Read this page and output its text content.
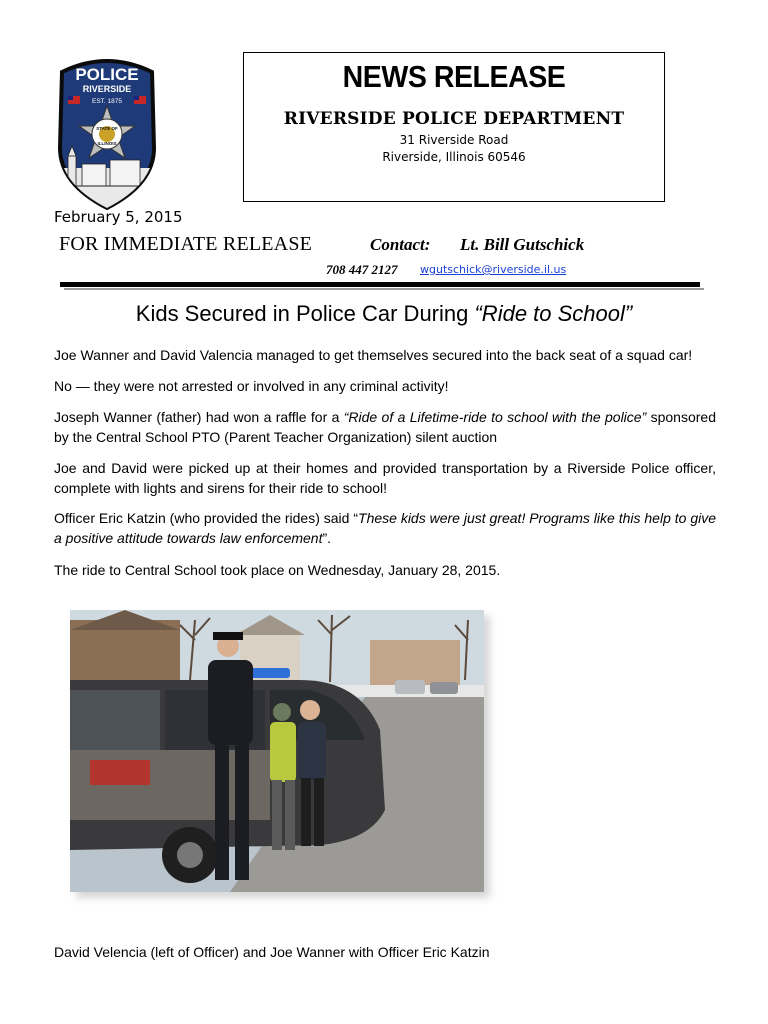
POLICE
RIVERSIDE
EST. 1875
STATE OF
ILLINOIS
NEWS RELEASE
RIVERSIDE POLICE DEPARTMENT
31 Riverside Road
Riverside, Illinois 60546
February 5, 2015
FOR IMMEDIATE RELEASE	Contact: Lt. Bill Gutschick
708 447 2127 wgutschick@riverside.il.us
Kids Secured in Police Car During “Ride to School”
Joe Wanner and David Valencia managed to get themselves secured into the back seat of a squad car!
No — they were not arrested or involved in any criminal activity!
Joseph Wanner (father) had won a raffle for a “Ride of a Lifetime-ride to school with the police” sponsored by the Central School PTO (Parent Teacher Organization) silent auction
Joe and David were picked up at their homes and provided transportation by a Riverside Police officer, complete with lights and sirens for their ride to school!
Officer Eric Katzin (who provided the rides) said “These kids were just great! Programs like this help to give a positive attitude towards law enforcement”.
The ride to Central School took place on Wednesday, January 28, 2015.
David Velencia (left of Officer) and Joe Wanner with Officer Eric Katzin
